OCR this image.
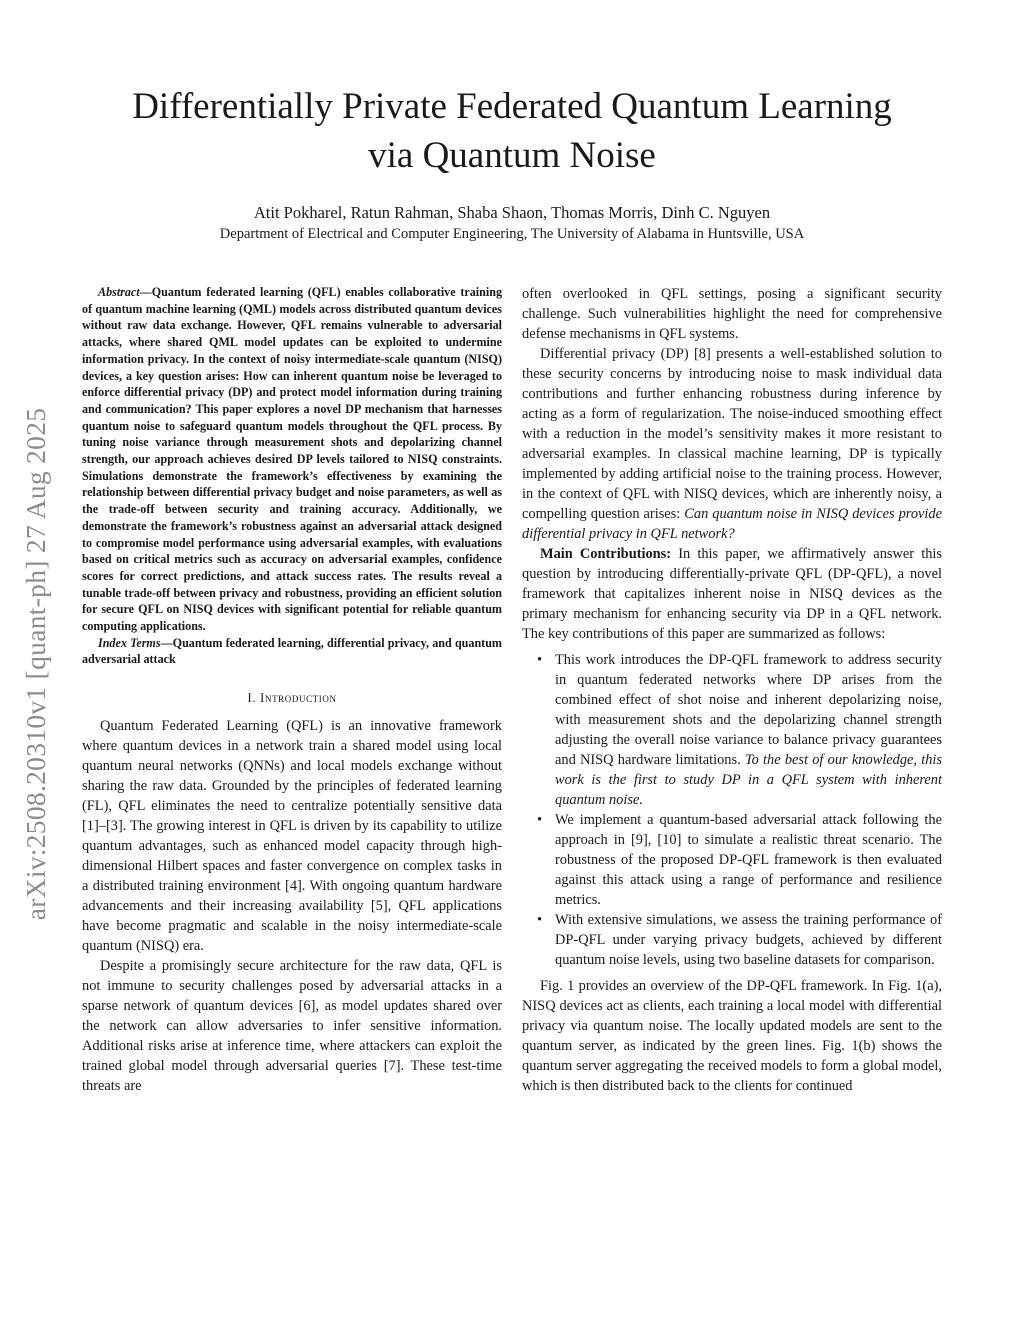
arXiv:2508.20310v1 [quant-ph] 27 Aug 2025
Differentially Private Federated Quantum Learning
via Quantum Noise
Atit Pokharel, Ratun Rahman, Shaba Shaon, Thomas Morris, Dinh C. Nguyen
Department of Electrical and Computer Engineering, The University of Alabama in Huntsville, USA

Abstract—Quantum federated learning (QFL) enables collaborative training of quantum machine learning (QML) models across distributed quantum devices without raw data exchange. However, QFL remains vulnerable to adversarial attacks, where shared QML model updates can be exploited to undermine information privacy. In the context of noisy intermediate-scale quantum (NISQ) devices, a key question arises: How can inherent quantum noise be leveraged to enforce differential privacy (DP) and protect model information during training and communication? This paper explores a novel DP mechanism that harnesses quantum noise to safeguard quantum models throughout the QFL process. By tuning noise variance through measurement shots and depolarizing channel strength, our approach achieves desired DP levels tailored to NISQ constraints. Simulations demonstrate the framework’s effectiveness by examining the relationship between differential privacy budget and noise parameters, as well as the trade-off between security and training accuracy. Additionally, we demonstrate the framework’s robustness against an adversarial attack designed to compromise model performance using adversarial examples, with evaluations based on critical metrics such as accuracy on adversarial examples, confidence scores for correct predictions, and attack success rates. The results reveal a tunable trade-off between privacy and robustness, providing an efficient solution for secure QFL on NISQ devices with significant potential for reliable quantum computing applications.

Index Terms—Quantum federated learning, differential privacy, and quantum adversarial attack

I. Introduction

Quantum Federated Learning (QFL) is an innovative framework where quantum devices in a network train a shared model using local quantum neural networks (QNNs) and local models exchange without sharing the raw data. Grounded by the principles of federated learning (FL), QFL eliminates the need to centralize potentially sensitive data [1]–[3]. The growing interest in QFL is driven by its capability to utilize quantum advantages, such as enhanced model capacity through high-dimensional Hilbert spaces and faster convergence on complex tasks in a distributed training environment [4]. With ongoing quantum hardware advancements and their increasing availability [5], QFL applications have become pragmatic and scalable in the noisy intermediate-scale quantum (NISQ) era.

Despite a promisingly secure architecture for the raw data, QFL is not immune to security challenges posed by adversarial attacks in a sparse network of quantum devices [6], as model updates shared over the network can allow adversaries to infer sensitive information. Additional risks arise at inference time, where attackers can exploit the trained global model through adversarial queries [7]. These test-time threats are

often overlooked in QFL settings, posing a significant security challenge. Such vulnerabilities highlight the need for comprehensive defense mechanisms in QFL systems.

Differential privacy (DP) [8] presents a well-established solution to these security concerns by introducing noise to mask individual data contributions and further enhancing robustness during inference by acting as a form of regularization. The noise-induced smoothing effect with a reduction in the model’s sensitivity makes it more resistant to adversarial examples. In classical machine learning, DP is typically implemented by adding artificial noise to the training process. However, in the context of QFL with NISQ devices, which are inherently noisy, a compelling question arises: Can quantum noise in NISQ devices provide differential privacy in QFL network?

Main Contributions: In this paper, we affirmatively answer this question by introducing differentially-private QFL (DP-QFL), a novel framework that capitalizes inherent noise in NISQ devices as the primary mechanism for enhancing security via DP in a QFL network. The key contributions of this paper are summarized as follows:

• This work introduces the DP-QFL framework to address security in quantum federated networks where DP arises from the combined effect of shot noise and inherent depolarizing noise, with measurement shots and the depolarizing channel strength adjusting the overall noise variance to balance privacy guarantees and NISQ hardware limitations. To the best of our knowledge, this work is the first to study DP in a QFL system with inherent quantum noise.
• We implement a quantum-based adversarial attack following the approach in [9], [10] to simulate a realistic threat scenario. The robustness of the proposed DP-QFL framework is then evaluated against this attack using a range of performance and resilience metrics.
• With extensive simulations, we assess the training performance of DP-QFL under varying privacy budgets, achieved by different quantum noise levels, using two baseline datasets for comparison.

Fig. 1 provides an overview of the DP-QFL framework. In Fig. 1(a), NISQ devices act as clients, each training a local model with differential privacy via quantum noise. The locally updated models are sent to the quantum server, as indicated by the green lines. Fig. 1(b) shows the quantum server aggregating the received models to form a global model, which is then distributed back to the clients for continued
